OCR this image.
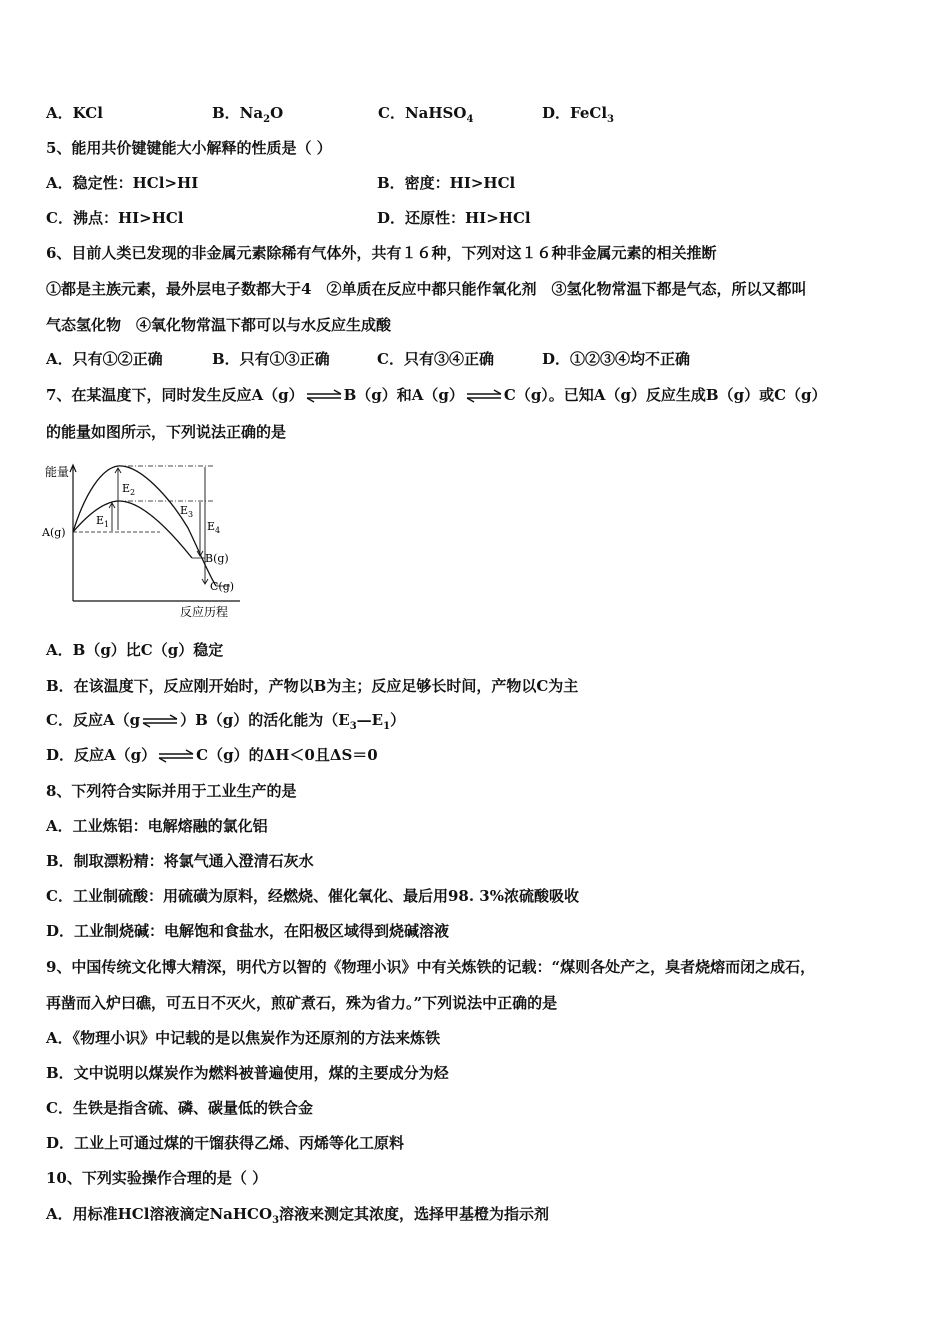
A．KCl	B．$Na_2O$	C．NaHSO$_4$	D．FeCl$_3$
5、能用共价键键能大小解释的性质是（ ）
A．稳定性：HCl>HI	B．密度：HI>HCl
C．沸点：HI>HCl	D．还原性：HI>HCl
6、目前人类已发现的非金属元素除稀有气体外，共有１６种，下列对这１６种非金属元素的相关推断
①都是主族元素，最外层电子数都大于4　②单质在反应中都只能作氧化剂　③氢化物常温下都是气态，所以又都叫
气态氢化物　④氧化物常温下都可以与水反应生成酸
A．只有①②正确	B．只有①③正确	C．只有③④正确	D．①②③④均不正确
7、在某温度下，同时发生反应A（g）	B（g）和A（g）	C（g）。已知A（g）反应生成B（g）或C（g）
的能量如图所示，下列说法正确的是
能量
反应历程
A(g)
B(g)
C(g)
$E_1$
$E_2$
$E_3$
$E_4$
A．B（g）比C（g）稳定
B．在该温度下，反应刚开始时，产物以B为主；反应足够长时间，产物以C为主
C．反应A（g	）B（g）的活化能为$(E_3—E_1)$
D．反应A（g）	C（g）的ΔH＜0且ΔS＝0
8、下列符合实际并用于工业生产的是
A．工业炼铝：电解熔融的氯化铝
B．制取漂粉精：将氯气通入澄清石灰水
C．工业制硫酸：用硫磺为原料，经燃烧、催化氧化、最后用98. 3%浓硫酸吸收
D．工业制烧碱：电解饱和食盐水，在阳极区域得到烧碱溶液
9、中国传统文化博大精深，明代方以智的《物理小识》中有关炼铁的记载：“煤则各处产之，臭者烧熔而闭之成石，
再凿而入炉曰礁，可五日不灭火，煎矿煮石，殊为省力。”下列说法中正确的是
A．《物理小识》中记载的是以焦炭作为还原剂的方法来炼铁
B．文中说明以煤炭作为燃料被普遍使用，煤的主要成分为烃
C．生铁是指含硫、磷、碳量低的铁合金
D．工业上可通过煤的干馏获得乙烯、丙烯等化工原料
10、下列实验操作合理的是（ ）
A．用标准HCl溶液滴定NaHCO$_3$溶液来测定其浓度，选择甲基橙为指示剂
